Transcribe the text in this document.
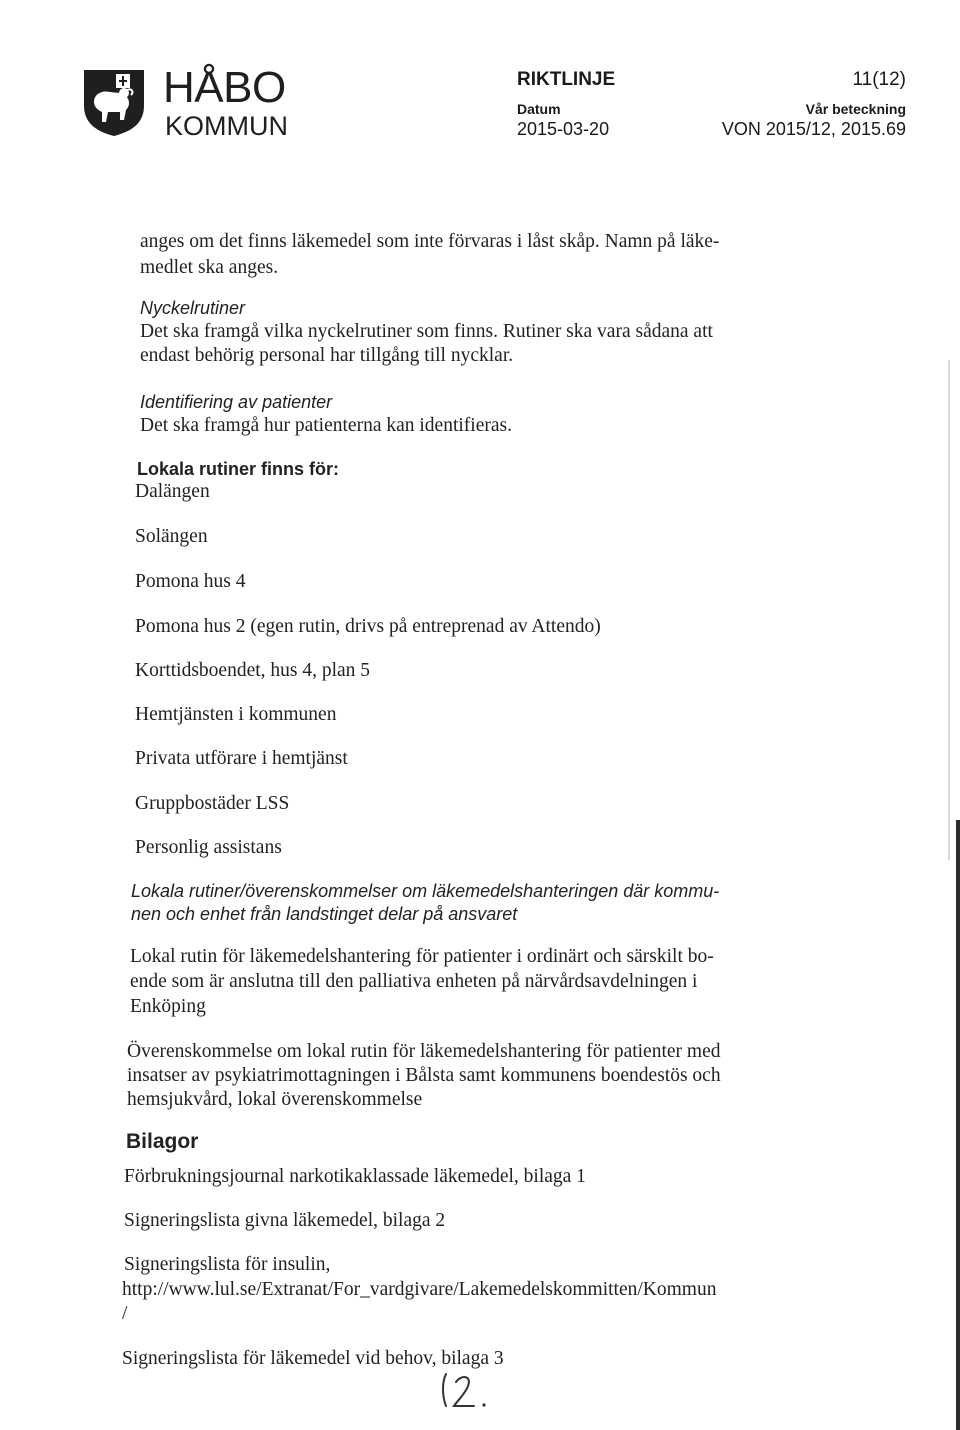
HÅBO
KOMMUN
RIKTLINJE	11(12)
Datum	Vår beteckning
2015-03-20	VON 2015/12, 2015.69
anges om det finns läkemedel som inte förvaras i låst skåp. Namn på läke-
medlet ska anges.
Nyckelrutiner
Det ska framgå vilka nyckelrutiner som finns. Rutiner ska vara sådana att
endast behörig personal har tillgång till nycklar.
Identifiering av patienter
Det ska framgå hur patienterna kan identifieras.
Lokala rutiner finns för:
Dalängen
Solängen
Pomona hus 4
Pomona hus 2 (egen rutin, drivs på entreprenad av Attendo)
Korttidsboendet, hus 4, plan 5
Hemtjänsten i kommunen
Privata utförare i hemtjänst
Gruppbostäder LSS
Personlig assistans
Lokala rutiner/överenskommelser om läkemedelshanteringen där kommu-
nen och enhet från landstinget delar på ansvaret
Lokal rutin för läkemedelshantering för patienter i ordinärt och särskilt bo-
ende som är anslutna till den palliativa enheten på närvårdsavdelningen i
Enköping
Överenskommelse om lokal rutin för läkemedelshantering för patienter med
insatser av psykiatrimottagningen i Bålsta samt kommunens boendestös och
hemsjukvård, lokal överenskommelse
Bilagor
Förbrukningsjournal narkotikaklassade läkemedel, bilaga 1
Signeringslista givna läkemedel, bilaga 2
Signeringslista för insulin,
http://www.lul.se/Extranat/For_vardgivare/Lakemedelskommitten/Kommun
/
Signeringslista för läkemedel vid behov, bilaga 3
